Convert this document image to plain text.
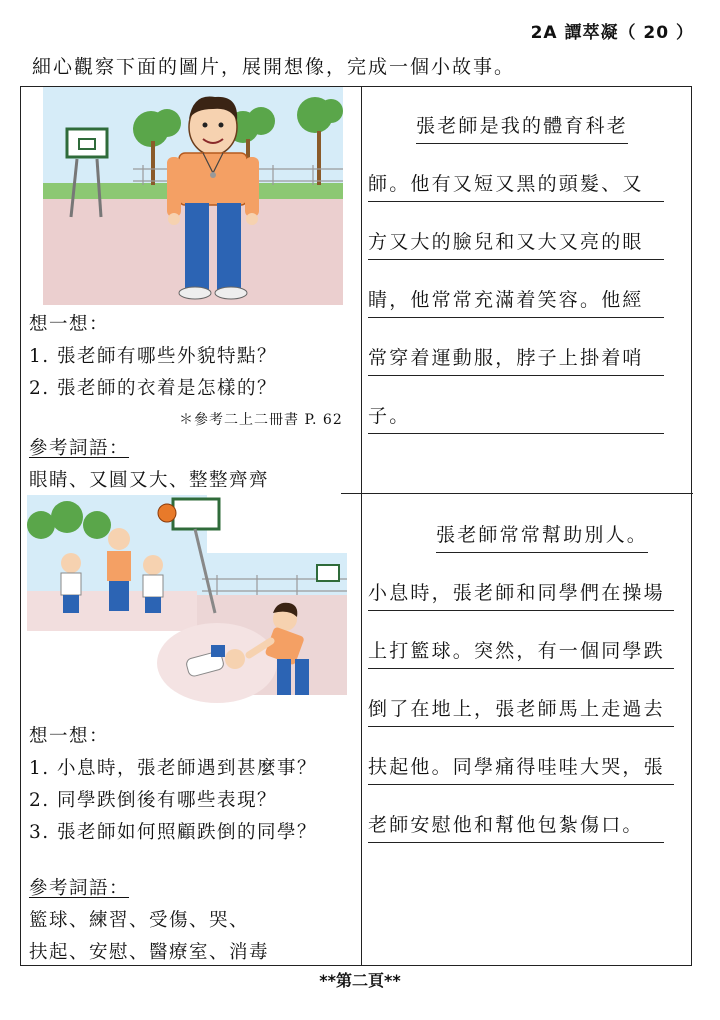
2A 譚萃凝（ 20 ）
細心觀察下面的圖片，展開想像，完成一個小故事。
想一想：
1. 張老師有哪些外貌特點？
2. 張老師的衣着是怎樣的？
＊參考二上二冊書 P. 62
參考詞語：
眼睛、又圓又大、整整齊齊
張老師是我的體育科老
師。他有又短又黑的頭髮、又
方又大的臉兒和又大又亮的眼
睛，他常常充滿着笑容。他經
常穿着運動服，脖子上掛着哨
子。
想一想：
1. 小息時，張老師遇到甚麼事？
2. 同學跌倒後有哪些表現？
3. 張老師如何照顧跌倒的同學？
參考詞語：
籃球、練習、受傷、哭、
扶起、安慰、醫療室、消毒
張老師常常幫助別人。
小息時，張老師和同學們在操場
上打籃球。突然，有一個同學跌
倒了在地上，張老師馬上走過去
扶起他。同學痛得哇哇大哭，張
老師安慰他和幫他包紮傷口。
**第二頁**
